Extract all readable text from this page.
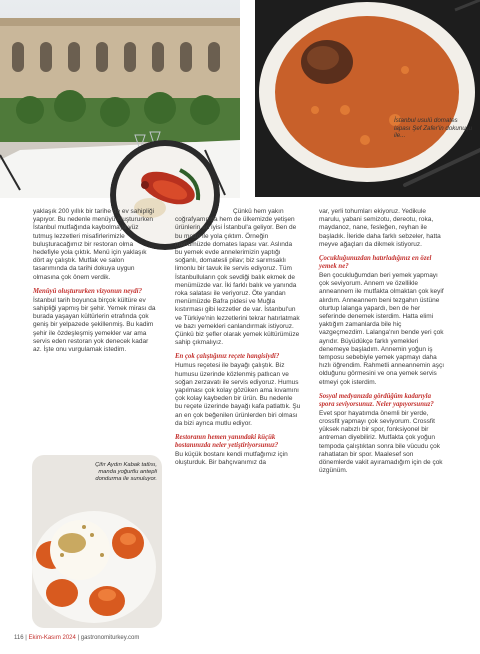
İstanbul usulü domates lapası Şef Zafer'in dokunuşu ile...
Çifır Aydın Kabak tatlısı, manda yoğurtlu antepli dondurma ile sunuluyor.

yaklaşık 200 yıllık bir tarihe de ev sahipliği yapıyor. Bu nedenle menüyü oluştururken İstanbul mutfağında kaybolmaya yüz tutmuş lezzetleri misafirlerimizle buluşturacağımız bir restoran olma hedefiyle yola çıktık. Menü için yaklaşık dört ay çalıştık. Mutfak ve salon tasarımında da tarihi dokuya uygun olmasına çok önem verdik.

Menüyü oluştururken vizyonun neydi?

İstanbul tarih boyunca birçok kültüre ev sahipliği yapmış bir şehir. Yemek mirası da burada yaşayan kültürlerin etrafında çok geniş bir yelpazede şekillenmiş. Bu kadim şehir ile özdeşleşmiş yemekler var ama servis eden restoran yok denecek kadar az. İşte onu vurgulamak istedim.

Çünkü hem yakın coğrafyamızda hem de ülkemizde yetişen ürünlerin en iyisi İstanbul'a geliyor. Ben de bu motto ile yola çıktım. Örneğin menümüzde domates lapası var. Aslında bu yemek evde annelerimizin yaptığı soğanlı, domatesli pilav; biz sarımsaklı limonlu bir tavuk ile servis ediyoruz. Tüm İstanbulluların çok sevdiği balık ekmek de menümüzde var. İki farklı balık ve yanında roka salatası ile veriyoruz. Öte yandan menümüzde Bafra pidesi ve Muğla kıstırması gibi lezzetler de var. İstanbul'un ve Türkiye'nin lezzetlerini tekrar hatırlatmak ve bazı yemekleri canlandırmak istiyoruz. Çünkü biz şefler olarak yemek kültürümüze sahip çıkmalıyız.

En çok çalıştığınız reçete hangisiydi?

Humus reçetesi ile bayağı çalıştık. Biz humusu üzerinde közlenmiş patlıcan ve soğan zerzavatı ile servis ediyoruz. Humus yapılması çok kolay gözüken ama kıvamını çok kolay kaybeden bir ürün. Bu nedenle bu reçete üzerinde bayağı kafa patlattık. Şu an en çok beğenilen ürünlerden biri olması da bizi ayrıca mutlu ediyor.

Restoranın hemen yanındaki küçük bostanınızda neler yetiştiriyorsunuz?

Bu küçük bostanı kendi mutfağımız için oluşturduk. Bir bahçıvanımız da

var, yerli tohumları ekiyoruz. Yedikule marulu, yabani semizotu, dereotu, roka, maydanoz, nane, fesleğen, reyhan ile başladık. İleride daha farklı sebzeler, hatta meyve ağaçları da dikmek istiyoruz.

Çocukluğunuzdan hatırladığınız en özel yemek ne?

Ben çocukluğumdan beri yemek yapmayı çok seviyorum. Annem ve özellikle anneannem ile mutfakta olmaktan çok keyif alırdım. Anneannem beni tezgahın üstüne oturtup lalanga yapardı, ben de her seferinde denemek isterdim. Hatta elimi yaktığım zamanlarda bile hiç vazgeçmezdim. Lalanga'nın bende yeri çok ayrıdır. Büyüdükçe farklı yemekleri denemeye başladım. Annemin yoğun iş temposu sebebiyle yemek yapmayı daha hızlı öğrendim. Rahmetli anneannemin aşçı olduğunu görmesini ve ona yemek servis etmeyi çok isterdim.

Sosyal medyanızda gördüğüm kadarıyla spora seviyorsunuz. Neler yapıyorsunuz?

Evet spor hayatımda önemli bir yerde, crossfit yapmayı çok seviyorum. Crossfit yüksek nabızlı bir spor, fonksiyonel bir antreman diyebiliriz. Mutfakta çok yoğun tempoda çalıştıktan sonra bile vücudu çok rahatlatan bir spor. Maalesef son dönemlerde vakit ayıramadığım için de çok üzgünüm.

116 | Ekim-Kasım 2024 | gastronomiturkey.com
